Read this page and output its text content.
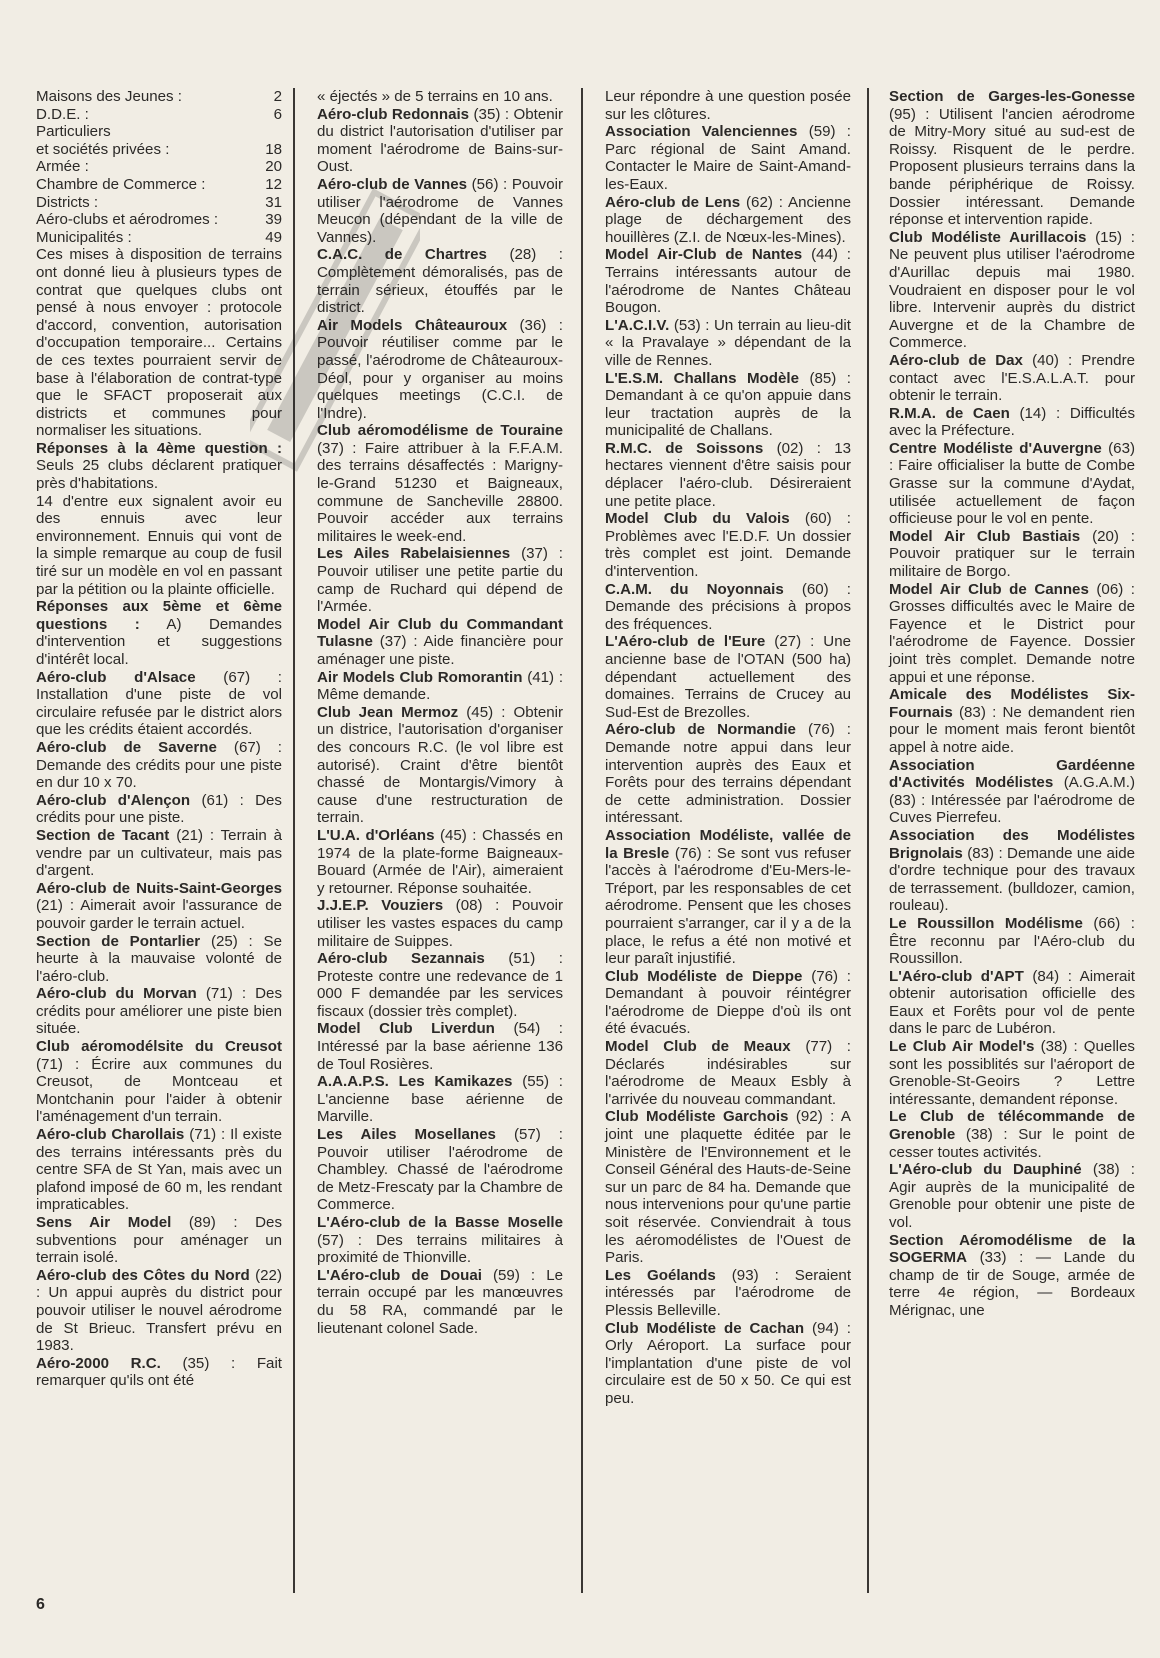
Maisons des Jeunes :	2
D.D.E. :	6
Particuliers
et sociétés privées :	18
Armée :	20
Chambre de Commerce :	12
Districts :	31
Aéro-clubs et aérodromes :	39
Municipalités :	49

Ces mises à disposition de terrains ont donné lieu à plusieurs types de contrat que quelques clubs ont pensé à nous envoyer : protocole d'accord, convention, autorisation d'occupation temporaire... Certains de ces textes pourraient servir de base à l'élaboration de contrat-type que le SFACT proposerait aux districts et communes pour normaliser les situations.

Réponses à la 4ème question : Seuls 25 clubs déclarent pratiquer près d'habitations.

14 d'entre eux signalent avoir eu des ennuis avec leur environnement. Ennuis qui vont de la simple remarque au coup de fusil tiré sur un modèle en vol en passant par la pétition ou la plainte officielle.

Réponses aux 5ème et 6ème questions : A) Demandes d'intervention et suggestions d'intérêt local.

Aéro-club d'Alsace (67) : Installation d'une piste de vol circulaire refusée par le district alors que les crédits étaient accordés.

Aéro-club de Saverne (67) : Demande des crédits pour une piste en dur 10 x 70.

Aéro-club d'Alençon (61) : Des crédits pour une piste.

Section de Tacant (21) : Terrain à vendre par un cultivateur, mais pas d'argent.

Aéro-club de Nuits-Saint-Georges (21) : Aimerait avoir l'assurance de pouvoir garder le terrain actuel.

Section de Pontarlier (25) : Se heurte à la mauvaise volonté de l'aéro-club.

Aéro-club du Morvan (71) : Des crédits pour améliorer une piste bien située.

Club aéromodélsite du Creusot (71) : Écrire aux communes du Creusot, de Montceau et Montchanin pour l'aider à obtenir l'aménagement d'un terrain.

Aéro-club Charollais (71) : Il existe des terrains intéressants près du centre SFA de St Yan, mais avec un plafond imposé de 60 m, les rendant impraticables.

Sens Air Model (89) : Des subventions pour aménager un terrain isolé.

Aéro-club des Côtes du Nord (22) : Un appui auprès du district pour pouvoir utiliser le nouvel aérodrome de St Brieuc. Transfert prévu en 1983.

Aéro-2000 R.C. (35) : Fait remarquer qu'ils ont été

« éjectés » de 5 terrains en 10 ans.

Aéro-club Redonnais (35) : Obtenir du district l'autorisation d'utiliser par moment l'aérodrome de Bains-sur-Oust.

Aéro-club de Vannes (56) : Pouvoir utiliser l'aérodrome de Vannes Meucon (dépendant de la ville de Vannes).

C.A.C. de Chartres (28) : Complètement démoralisés, pas de terrain sérieux, étouffés par le district.

Air Models Châteauroux (36) : Pouvoir réutiliser comme par le passé, l'aérodrome de Châteauroux-Déol, pour y organiser au moins quelques meetings (C.C.I. de l'Indre).

Club aéromodélisme de Touraine (37) : Faire attribuer à la F.F.A.M. des terrains désaffectés : Marigny-le-Grand 51230 et Baigneaux, commune de Sancheville 28800. Pouvoir accéder aux terrains militaires le week-end.

Les Ailes Rabelaisiennes (37) : Pouvoir utiliser une petite partie du camp de Ruchard qui dépend de l'Armée.

Model Air Club du Commandant Tulasne (37) : Aide financière pour aménager une piste.

Air Models Club Romorantin (41) : Même demande.

Club Jean Mermoz (45) : Obtenir un districe, l'autorisation d'organiser des concours R.C. (le vol libre est autorisé). Craint d'être bientôt chassé de Montargis/Vimory à cause d'une restructuration de terrain.

L'U.A. d'Orléans (45) : Chassés en 1974 de la plate-forme Baigneaux-Bouard (Armée de l'Air), aimeraient y retourner. Réponse souhaitée.

J.J.E.P. Vouziers (08) : Pouvoir utiliser les vastes espaces du camp militaire de Suippes.

Aéro-club Sezannais (51) : Proteste contre une redevance de 1 000 F demandée par les services fiscaux (dossier très complet).

Model Club Liverdun (54) : Intéressé par la base aérienne 136 de Toul Rosières.

A.A.A.P.S. Les Kamikazes (55) : L'ancienne base aérienne de Marville.

Les Ailes Mosellanes (57) : Pouvoir utiliser l'aérodrome de Chambley. Chassé de l'aérodrome de Metz-Frescaty par la Chambre de Commerce.

L'Aéro-club de la Basse Moselle (57) : Des terrains militaires à proximité de Thionville.

L'Aéro-club de Douai (59) : Le terrain occupé par les manœuvres du 58 RA, commandé par le lieutenant colonel Sade.

Leur répondre à une question posée sur les clôtures.

Association Valenciennes (59) : Parc régional de Saint Amand. Contacter le Maire de Saint-Amand-les-Eaux.

Aéro-club de Lens (62) : Ancienne plage de déchargement des houillères (Z.I. de Nœux-les-Mines).

Model Air-Club de Nantes (44) : Terrains intéressants autour de l'aérodrome de Nantes Château Bougon.

L'A.C.I.V. (53) : Un terrain au lieu-dit « la Pravalaye » dépendant de la ville de Rennes.

L'E.S.M. Challans Modèle (85) : Demandant à ce qu'on appuie dans leur tractation auprès de la municipalité de Challans.

R.M.C. de Soissons (02) : 13 hectares viennent d'être saisis pour déplacer l'aéro-club. Désireraient une petite place.

Model Club du Valois (60) : Problèmes avec l'E.D.F. Un dossier très complet est joint. Demande d'intervention.

C.A.M. du Noyonnais (60) : Demande des précisions à propos des fréquences.

L'Aéro-club de l'Eure (27) : Une ancienne base de l'OTAN (500 ha) dépendant actuellement des domaines. Terrains de Crucey au Sud-Est de Brezolles.

Aéro-club de Normandie (76) : Demande notre appui dans leur intervention auprès des Eaux et Forêts pour des terrains dépendant de cette administration. Dossier intéressant.

Association Modéliste, vallée de la Bresle (76) : Se sont vus refuser l'accès à l'aérodrome d'Eu-Mers-le-Tréport, par les responsables de cet aérodrome. Pensent que les choses pourraient s'arranger, car il y a de la place, le refus a été non motivé et leur paraît injustifié.

Club Modéliste de Dieppe (76) : Demandant à pouvoir réintégrer l'aérodrome de Dieppe d'où ils ont été évacués.

Model Club de Meaux (77) : Déclarés indésirables sur l'aérodrome de Meaux Esbly à l'arrivée du nouveau commandant.

Club Modéliste Garchois (92) : A joint une plaquette éditée par le Ministère de l'Environnement et le Conseil Général des Hauts-de-Seine sur un parc de 84 ha. Demande que nous intervenions pour qu'une partie soit réservée. Conviendrait à tous les aéromodélistes de l'Ouest de Paris.

Les Goélands (93) : Seraient intéressés par l'aérodrome de Plessis Belleville.

Club Modéliste de Cachan (94) : Orly Aéroport. La surface pour l'implantation d'une piste de vol circulaire est de 50 x 50. Ce qui est peu.

Section de Garges-les-Gonesse (95) : Utilisent l'ancien aérodrome de Mitry-Mory situé au sud-est de Roissy. Risquent de le perdre. Proposent plusieurs terrains dans la bande périphérique de Roissy. Dossier intéressant. Demande réponse et intervention rapide.

Club Modéliste Aurillacois (15) : Ne peuvent plus utiliser l'aérodrome d'Aurillac depuis mai 1980. Voudraient en disposer pour le vol libre. Intervenir auprès du district Auvergne et de la Chambre de Commerce.

Aéro-club de Dax (40) : Prendre contact avec l'E.S.A.L.A.T. pour obtenir le terrain.

R.M.A. de Caen (14) : Difficultés avec la Préfecture.

Centre Modéliste d'Auvergne (63) : Faire officialiser la butte de Combe Grasse sur la commune d'Aydat, utilisée actuellement de façon officieuse pour le vol en pente.

Model Air Club Bastiais (20) : Pouvoir pratiquer sur le terrain militaire de Borgo.

Model Air Club de Cannes (06) : Grosses difficultés avec le Maire de Fayence et le District pour l'aérodrome de Fayence. Dossier joint très complet. Demande notre appui et une réponse.

Amicale des Modélistes Six-Fournais (83) : Ne demandent rien pour le moment mais feront bientôt appel à notre aide.

Association Gardéenne d'Activités Modélistes (A.G.A.M.) (83) : Intéressée par l'aérodrome de Cuves Pierrefeu.

Association des Modélistes Brignolais (83) : Demande une aide d'ordre technique pour des travaux de terrassement. (bulldozer, camion, rouleau).

Le Roussillon Modélisme (66) : Être reconnu par l'Aéro-club du Roussillon.

L'Aéro-club d'APT (84) : Aimerait obtenir autorisation officielle des Eaux et Forêts pour vol de pente dans le parc de Lubéron.

Le Club Air Model's (38) : Quelles sont les possiblités sur l'aéroport de Grenoble-St-Geoirs ? Lettre intéressante, demandent réponse.

Le Club de télécommande de Grenoble (38) : Sur le point de cesser toutes activités.

L'Aéro-club du Dauphiné (38) : Agir auprès de la municipalité de Grenoble pour obtenir une piste de vol.

Section Aéromodélisme de la SOGERMA (33) : — Lande du champ de tir de Souge, armée de terre 4e région, — Bordeaux Mérignac, une

6
